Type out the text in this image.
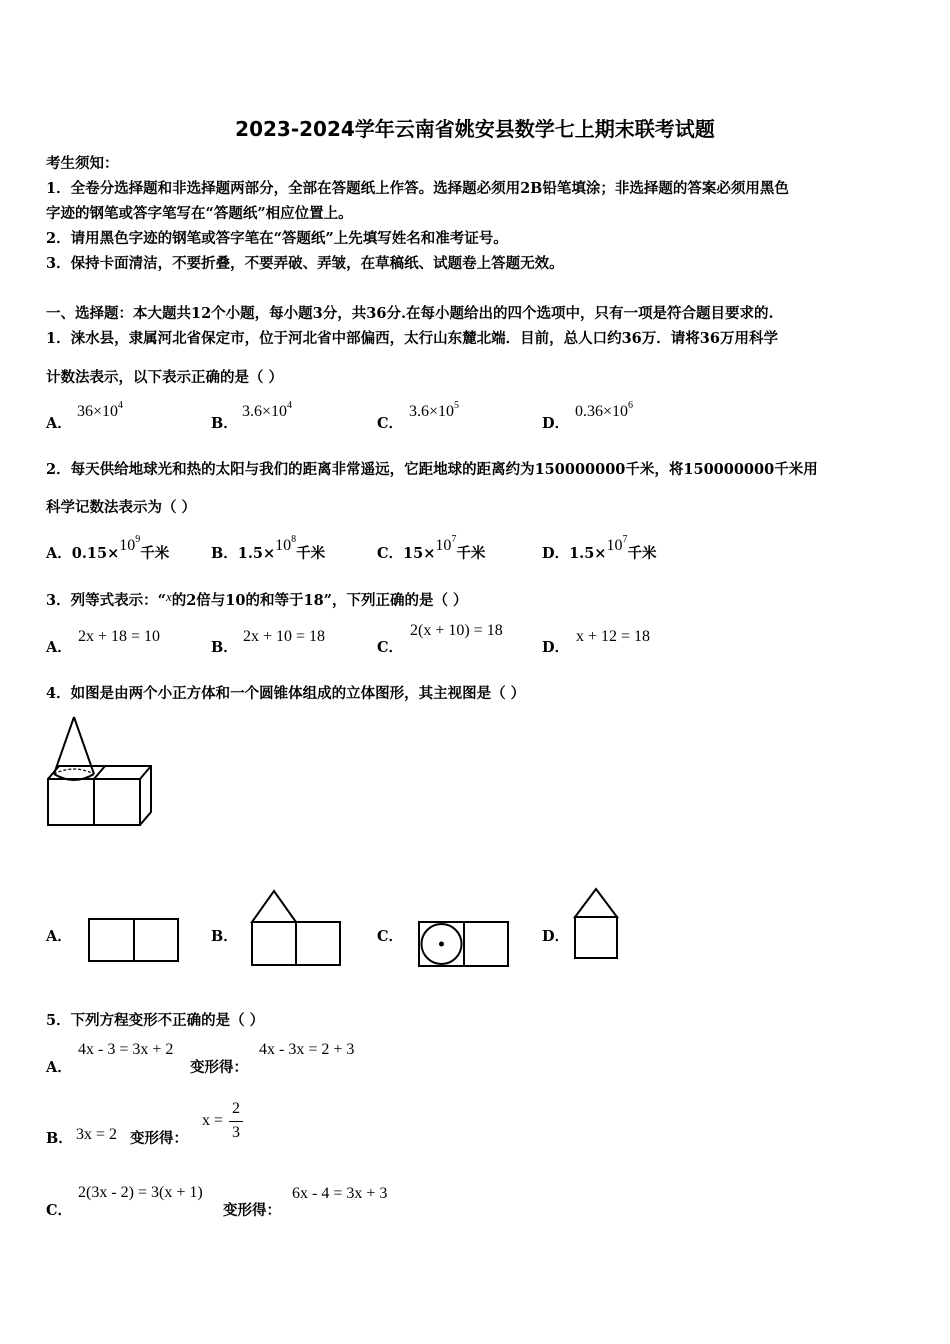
2023-2024学年云南省姚安县数学七上期末联考试题
考生须知：
1．全卷分选择题和非选择题两部分，全部在答题纸上作答。选择题必须用2B铅笔填涂；非选择题的答案必须用黑色
字迹的钢笔或答字笔写在“答题纸”相应位置上。
2．请用黑色字迹的钢笔或答字笔在“答题纸”上先填写姓名和准考证号。
3．保持卡面清洁，不要折叠，不要弄破、弄皱，在草稿纸、试题卷上答题无效。
一、选择题：本大题共12个小题，每小题3分，共36分.在每小题给出的四个选项中，只有一项是符合题目要求的.
1．涞水县，隶属河北省保定市，位于河北省中部偏西，太行山东麓北端．目前，总人口约36万．请将36万用科学
计数法表示，以下表示正确的是（ ）
A．
$36\times 10^4$
B．
$3.6\times 10^4$
C．
$3.6\times 10^5$
D．
$0.36\times 10^6$
2．每天供给地球光和热的太阳与我们的距离非常遥远，它距地球的距离约为150000000千米，将150000000千米用
科学记数法表示为（ ）
A．$0.15\times 10^9$千米	B．$1.5\times 10^8$千米	C．$15\times 10^7$千米	D．$1.5\times 10^7$千米
3．列等式表示：“x的2倍与10的和等于18”，下列正确的是（ ）
A．
2x + 18 = 10
B．
2x + 10 = 18
C．
2(x + 10) = 18
D．
x + 12 = 18
4．如图是由两个小正方体和一个圆锥体组成的立体图形，其主视图是（ ）
A．	B．	C．	D．
5．下列方程变形不正确的是（ ）
A．
4x - 3 = 3x + 2
变形得：
4x - 3x = 2 + 3
B． 3x = 2 变形得：
x =
2
3
C．
2(3x - 2) = 3(x + 1)
变形得：
6x - 4 = 3x + 3
